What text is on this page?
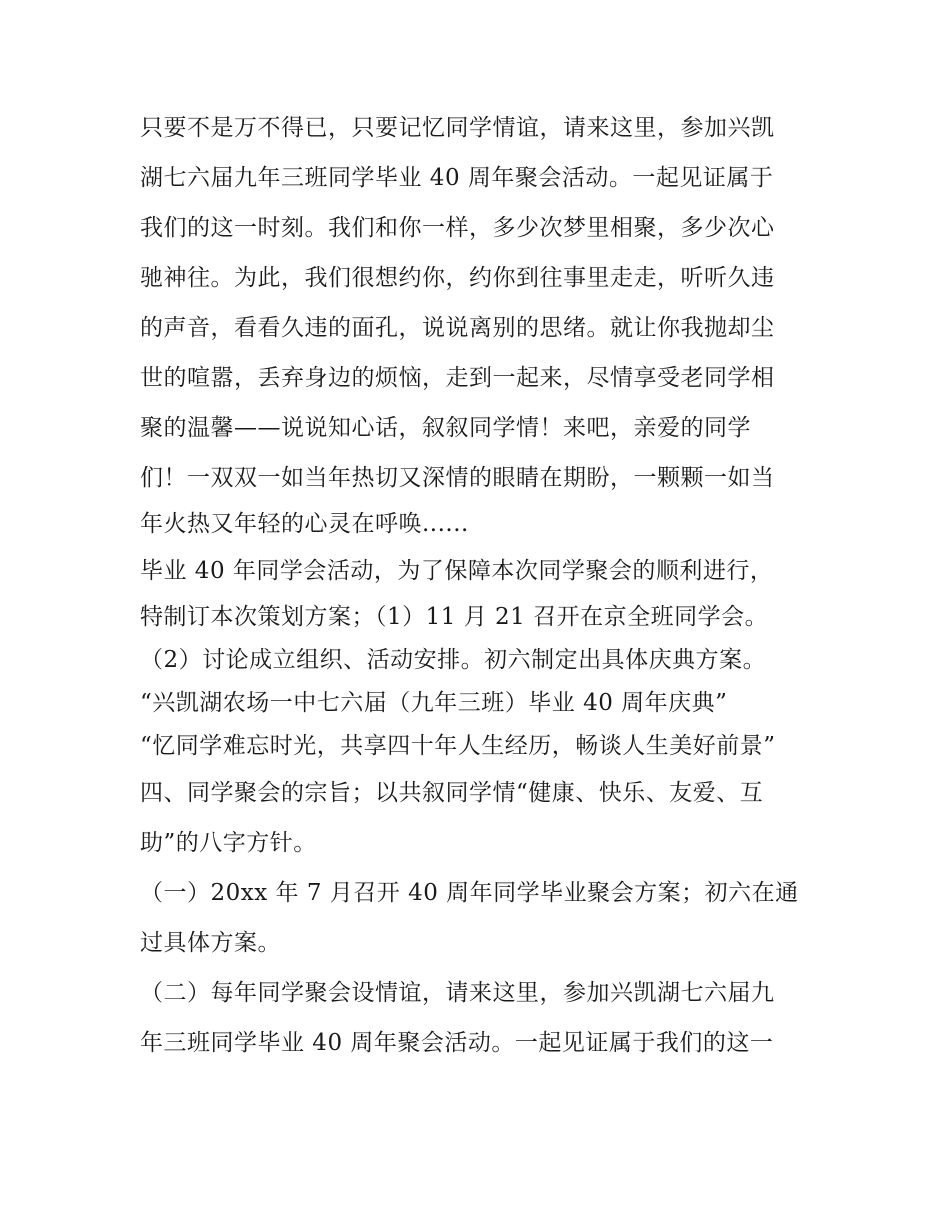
只要不是万不得已，只要记忆同学情谊，请来这里，参加兴凯
湖七六届九年三班同学毕业 40 周年聚会活动。一起见证属于
我们的这一时刻。我们和你一样，多少次梦里相聚，多少次心
驰神往。为此，我们很想约你，约你到往事里走走，听听久违
的声音，看看久违的面孔，说说离别的思绪。就让你我抛却尘
世的喧嚣，丢弃身边的烦恼，走到一起来，尽情享受老同学相
聚的温馨——说说知心话，叙叙同学情！来吧，亲爱的同学
们！一双双一如当年热切又深情的眼睛在期盼，一颗颗一如当
年火热又年轻的心灵在呼唤......
毕业 40 年同学会活动，为了保障本次同学聚会的顺利进行，
特制订本次策划方案；（1）11 月 21 召开在京全班同学会。
（2）讨论成立组织、活动安排。初六制定出具体庆典方案。
“兴凯湖农场一中七六届（九年三班）毕业 40 周年庆典”
“忆同学难忘时光，共享四十年人生经历，畅谈人生美好前景”
四、同学聚会的宗旨；以共叙同学情“健康、快乐、友爱、互
助”的八字方针。
（一）20xx 年 7 月召开 40 周年同学毕业聚会方案；初六在通
过具体方案。
（二）每年同学聚会设情谊，请来这里，参加兴凯湖七六届九
年三班同学毕业 40 周年聚会活动。一起见证属于我们的这一
